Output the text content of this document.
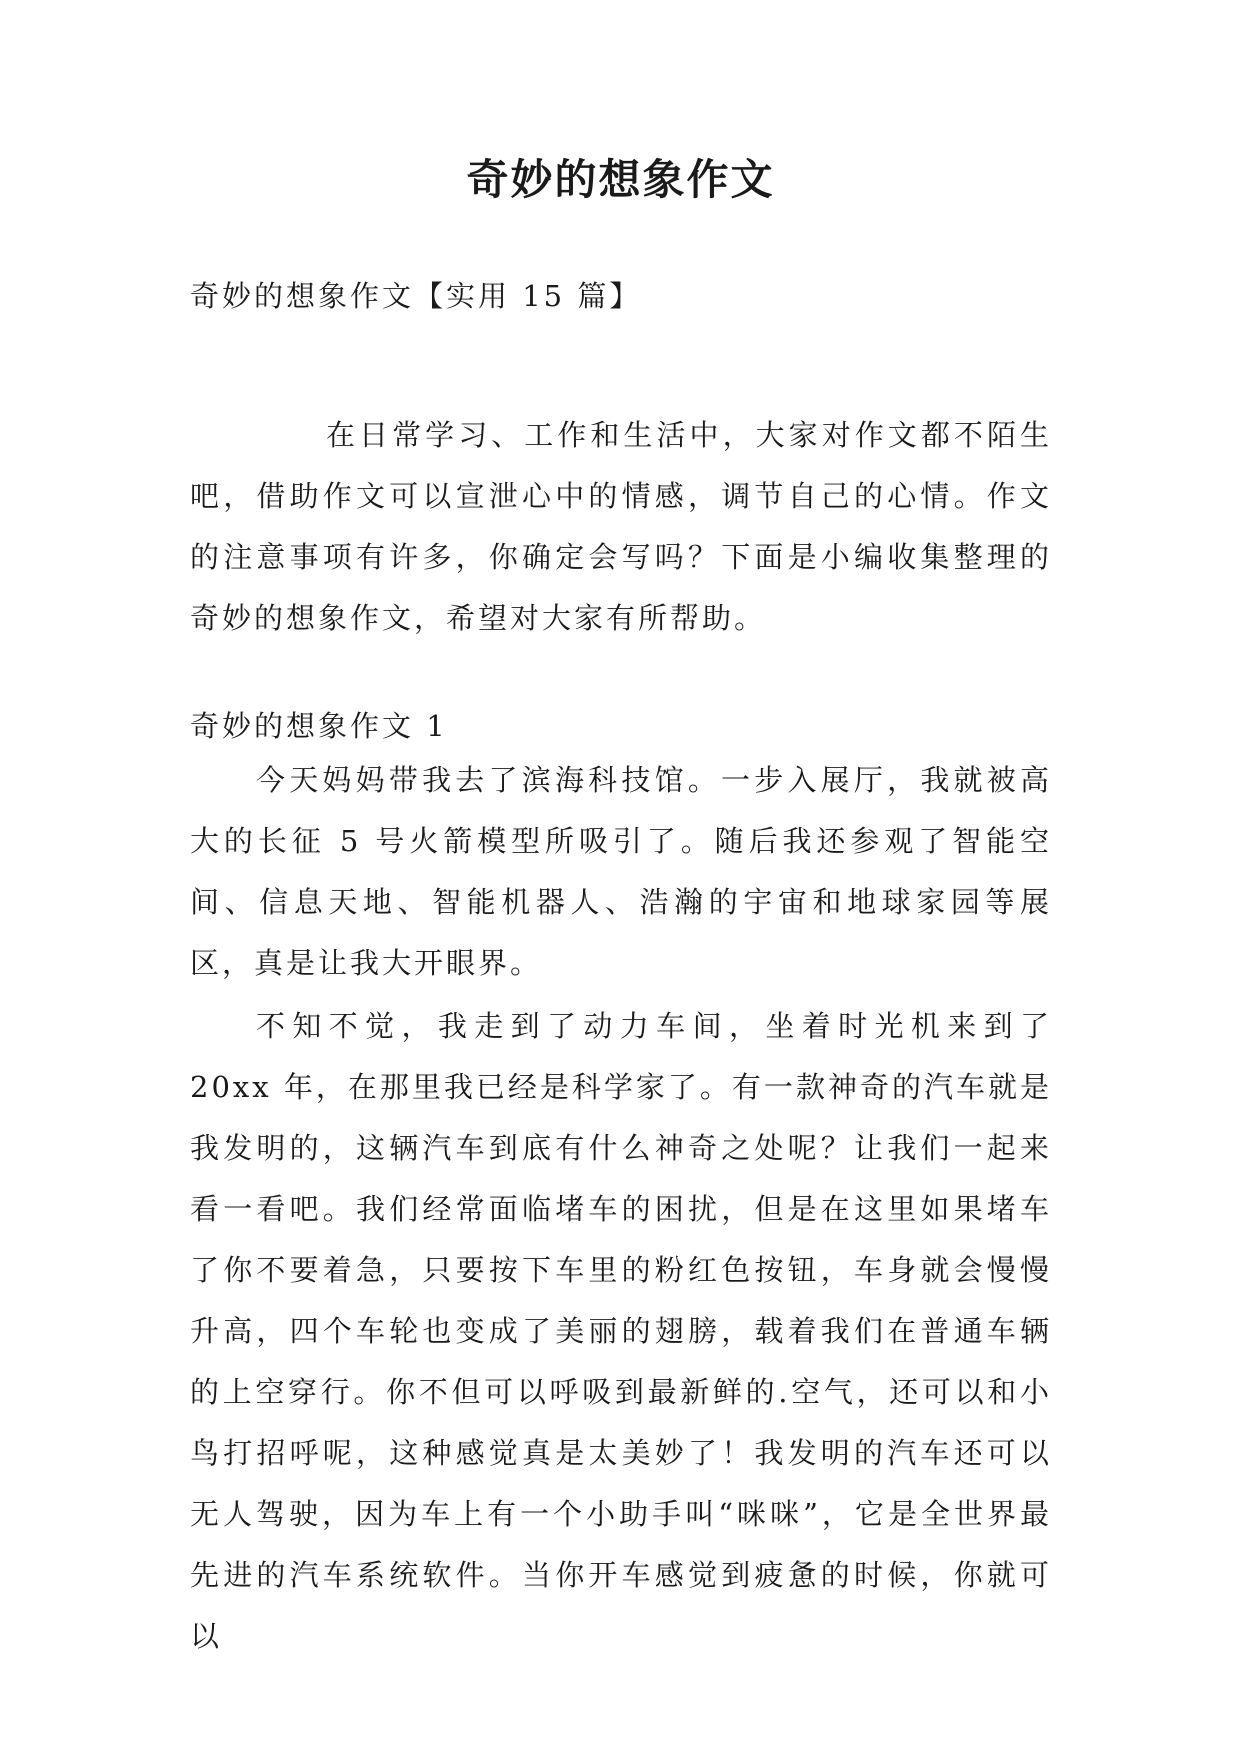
奇妙的想象作文

奇妙的想象作文【实用 15 篇】

在日常学习、工作和生活中，大家对作文都不陌生吧，借助作文可以宣泄心中的情感，调节自己的心情。作文的注意事项有许多，你确定会写吗？下面是小编收集整理的奇妙的想象作文，希望对大家有所帮助。

奇妙的想象作文 1

今天妈妈带我去了滨海科技馆。一步入展厅，我就被高大的长征 5 号火箭模型所吸引了。随后我还参观了智能空间、信息天地、智能机器人、浩瀚的宇宙和地球家园等展区，真是让我大开眼界。

不知不觉，我走到了动力车间，坐着时光机来到了 20xx 年，在那里我已经是科学家了。有一款神奇的汽车就是我发明的，这辆汽车到底有什么神奇之处呢？让我们一起来看一看吧。我们经常面临堵车的困扰，但是在这里如果堵车了你不要着急，只要按下车里的粉红色按钮，车身就会慢慢升高，四个车轮也变成了美丽的翅膀，载着我们在普通车辆的上空穿行。你不但可以呼吸到最新鲜的.空气，还可以和小鸟打招呼呢，这种感觉真是太美妙了！我发明的汽车还可以无人驾驶，因为车上有一个小助手叫“咪咪”，它是全世界最先进的汽车系统软件。当你开车感觉到疲惫的时候，你就可以
